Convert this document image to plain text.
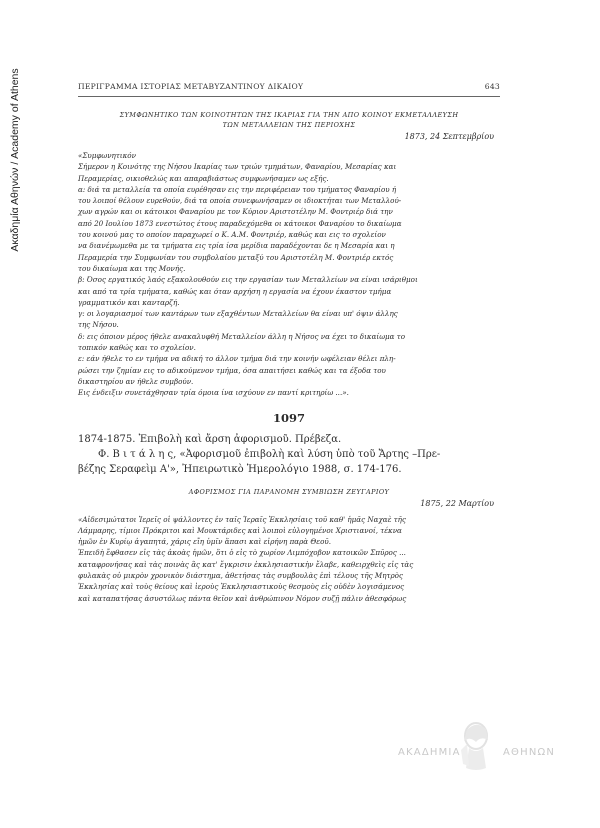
Ακαδημία Αθηνών / Academy of Athens	ΠΕΡΙΓΡΑΜΜΑ ΙΣΤΟΡΙΑΣ ΜΕΤΑΒΥΖΑΝΤΙΝΟΥ ΔΙΚΑΙΟΥ	643
ΣΥΜΦΩΝΗΤΙΚΟ ΤΩΝ ΚΟΙΝΟΤΗΤΩΝ ΤΗΣ ΙΚΑΡΙΑΣ ΓΙΑ ΤΗΝ ΑΠΟ ΚΟΙΝΟΥ ΕΚΜΕΤΑΛΛΕΥΣΗ
ΤΩΝ ΜΕΤΑΛΛΕΙΩΝ ΤΗΣ ΠΕΡΙΟΧΗΣ
1873, 24 Σεπτεμβρίου

«Συμφωνητικόν

Σήμερον η Κοινότης της Νήσου Ικαρίας των τριών τμημάτων, Φαναρίου, Μεσαρίας και

Περαμερίας, οικιοθελώς και απαραβιάστως συμφωνήσαμεν ως εξής.

α: διά τα μεταλλεία τα οποία ευρέθησαν εις την περιφέρειαν του τμήματος Φαναρίου ή

του λοιποί θέλουν ευρεθούν, διά τα οποία συνεφωνήσαμεν οι ιδιοκτήται των Μεταλλού-

χων αγρών και οι κάτοικοι Φαναρίου με τον Κύριον Αριστοτέλην Μ. Φοντριέρ διά την

από 20 Ιουλίου 1873 ενεστώτος έτους παραδεχόμεθα οι κάτοικοι Φαναρίου το δικαίωμα

του κοινού μας το οποίον παραχωρεί ο Κ. Α.Μ. Φοντριέρ, καθώς και εις το σχολείον

να διανέμωμεθα με τα τμήματα εις τρία ίσα μερίδια παραδέχονται δε η Μεσαρία και η

Περαμερία την Συμφωνίαν του συμβολαίου μεταξύ του Αριστοτέλη Μ. Φοντριέρ εκτός

του δικαίωμα και της Μονής.

β: Όσος εργατικός λαός εξακολουθούν εις την εργασίαν των Μεταλλείων να είναι ισάριθμοι

και από τα τρία τμήματα, καθώς και όταν αρχήση η εργασία να έχουν έκαστον τμήμα

γραμματικόν και κανταρζή.

γ: οι λογαριασμοί των καντάρων των εξαχθέντων Μεταλλείων θα είναι υπ' όψιν άλλης

της Νήσου.

δ: εις όποιον μέρος ήθελε ανακαλυφθή Μεταλλείον άλλη η Νήσος να έχει το δικαίωμα το

τοπικόν καθώς και το σχολείον.

ε: εάν ήθελε το εν τμήμα να αδική το άλλον τμήμα διά την κοινήν ωφέλειαν θέλει πλη-

ρώσει την ζημίαν εις το αδικούμενον τμήμα, όσα απαιτήσει καθώς και τα έξοδα του

δικαστηρίου αν ήθελε συμβούν.

Εις ένδειξιν συνετάχθησαν τρία όμοια ίνα ισχύουν εν παντί κριτηρίω ...».

1097

1874-1875. Ἐπιβολὴ καὶ ἄρση ἀφορισμοῦ. Πρέβεζα.

Φ. Β ι τ ά λ η ς, «Ἀφορισμοῦ ἐπιβολὴ καὶ λύση ὑπὸ τοῦ Ἄρτης –Πρε-

βέζης Σεραφεὶμ Α'», Ἠπειρωτικὸ Ἡμερολόγιο 1988, σ. 174-176.

ΑΦΟΡΙΣΜΟΣ ΓΙΑ ΠΑΡΑΝΟΜΗ ΣΥΜΒΙΩΣΗ ΖΕΥΓΑΡΙΟΥ
1875, 22 Μαρτίου

«Αἰδεσιμώτατοι Ἱερεῖς οἱ ψάλλοντες ἐν ταῖς Ἱεραῖς Ἐκκλησίαις τοῦ καθ' ἡμᾶς Ναχαὲ τῆς

Λάμμαρης, τίμιοι Πρόκριτοι καὶ Μουκτάριδες καὶ λοιποὶ εὐλογημένοι Χριστιανοί, τέκνα

ἡμῶν ἐν Κυρίῳ ἀγαπητά, χάρις εἴη ὑμῖν ἅπασι καὶ εἰρήνη παρὰ Θεοῦ.

Ἐπειδὴ ἔφθασεν εἰς τὰς ἀκοὰς ἡμῶν, ὅτι ὁ εἰς τὸ χωρίον Λιμπόχοβον κατοικῶν Σπῦρος ...

καταφρονήσας καὶ τὰς ποινὰς ἃς κατ' ἔγκρισιν ἐκκλησιαστικὴν ἔλαβε, καθειρχθεὶς εἰς τὰς

φυλακὰς οὐ μικρὸν χρονικὸν διάστημα, ἀθετήσας τὰς συμβουλὰς ἐπὶ τέλους τῆς Μητρὸς

Ἐκκλησίας καὶ τοὺς θείους καὶ ἱεροὺς Ἐκκλησιαστικοὺς θεσμοὺς εἰς οὐδὲν λογισάμενος

καὶ καταπατήσας ἀσυστόλως πάντα θεῖον καὶ ἀνθρώπινον Νόμον συζῇ πάλιν ἀθεσφόρως

ΑΚΑΔΗΜΙΑ	ΑΘΗΝΩΝ
